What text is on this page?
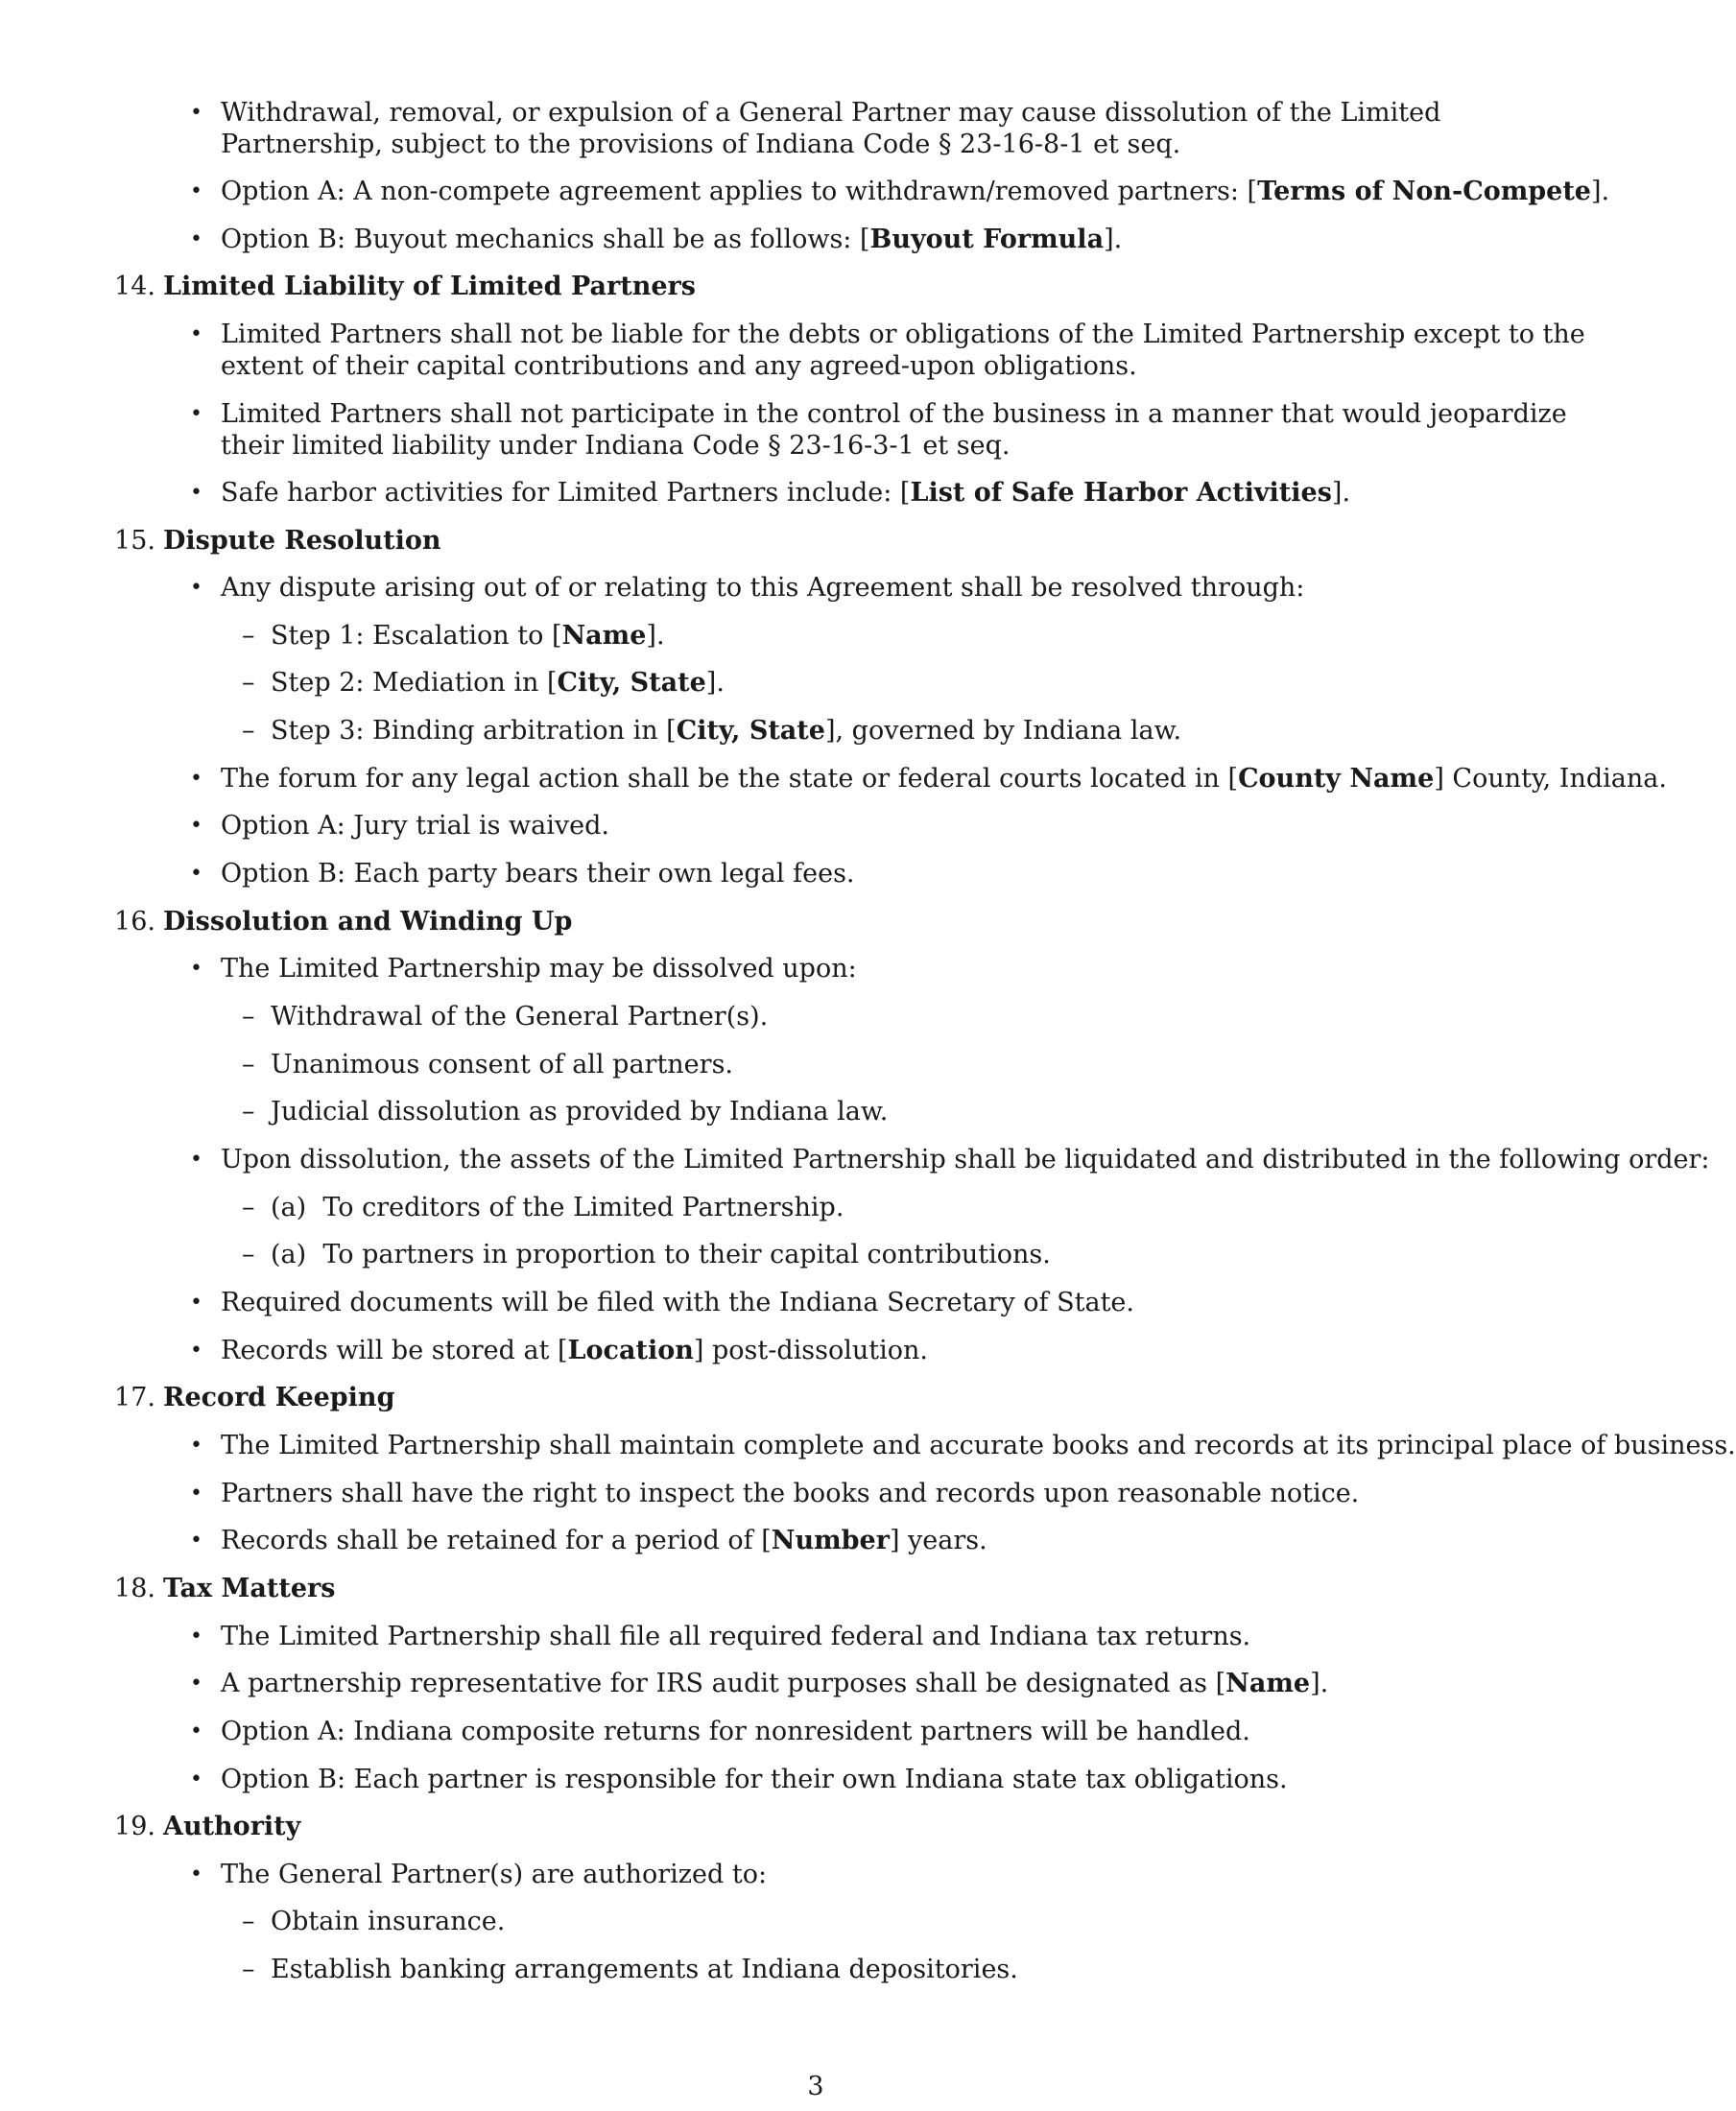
• Withdrawal, removal, or expulsion of a General Partner may cause dissolution of the Limited Partnership, subject to the provisions of Indiana Code § 23-16-8-1 et seq.
• Option A: A non-compete agreement applies to withdrawn/removed partners: [Terms of Non-Compete].
• Option B: Buyout mechanics shall be as follows: [Buyout Formula].
14. Limited Liability of Limited Partners
• Limited Partners shall not be liable for the debts or obligations of the Limited Partnership except to the extent of their capital contributions and any agreed-upon obligations.
• Limited Partners shall not participate in the control of the business in a manner that would jeopardize their limited liability under Indiana Code § 23-16-3-1 et seq.
• Safe harbor activities for Limited Partners include: [List of Safe Harbor Activities].
15. Dispute Resolution
• Any dispute arising out of or relating to this Agreement shall be resolved through:
– Step 1: Escalation to [Name].
– Step 2: Mediation in [City, State].
– Step 3: Binding arbitration in [City, State], governed by Indiana law.
• The forum for any legal action shall be the state or federal courts located in [County Name] County, Indiana.
• Option A: Jury trial is waived.
• Option B: Each party bears their own legal fees.
16. Dissolution and Winding Up
• The Limited Partnership may be dissolved upon:
– Withdrawal of the General Partner(s).
– Unanimous consent of all partners.
– Judicial dissolution as provided by Indiana law.
• Upon dissolution, the assets of the Limited Partnership shall be liquidated and distributed in the following order:
– (a)  To creditors of the Limited Partnership.
– (a)  To partners in proportion to their capital contributions.
• Required documents will be filed with the Indiana Secretary of State.
• Records will be stored at [Location] post-dissolution.
17. Record Keeping
• The Limited Partnership shall maintain complete and accurate books and records at its principal place of business.
• Partners shall have the right to inspect the books and records upon reasonable notice.
• Records shall be retained for a period of [Number] years.
18. Tax Matters
• The Limited Partnership shall file all required federal and Indiana tax returns.
• A partnership representative for IRS audit purposes shall be designated as [Name].
• Option A: Indiana composite returns for nonresident partners will be handled.
• Option B: Each partner is responsible for their own Indiana state tax obligations.
19. Authority
• The General Partner(s) are authorized to:
– Obtain insurance.
– Establish banking arrangements at Indiana depositories.
3
